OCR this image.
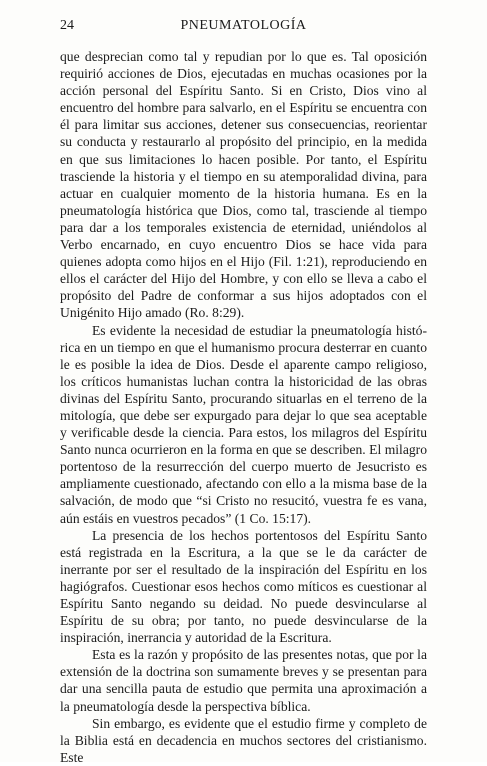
24	PNEUMATOLOGÍA

que desprecian como tal y repudian por lo que es. Tal oposición requirió acciones de Dios, ejecutadas en muchas ocasiones por la acción personal del Espíritu Santo. Si en Cristo, Dios vino al encuentro del hombre para salvarlo, en el Espíritu se encuentra con él para limitar sus acciones, detener sus consecuencias, reorientar su conducta y restaurarlo al propósito del principio, en la medida en que sus limitaciones lo hacen posible. Por tanto, el Espíritu trasciende la historia y el tiempo en su atemporalidad divina, para actuar en cualquier momento de la historia humana. Es en la pneumatología histórica que Dios, como tal, trasciende al tiempo para dar a los temporales existencia de eternidad, uniéndolos al Verbo encarnado, en cuyo encuentro Dios se hace vida para quienes adopta como hijos en el Hijo (Fil. 1:21), reproduciendo en ellos el carácter del Hijo del Hombre, y con ello se lleva a cabo el propósito del Padre de conformar a sus hijos adoptados con el Unigénito Hijo amado (Ro. 8:29).

Es evidente la necesidad de estudiar la pneumatología histórica en un tiempo en que el humanismo procura desterrar en cuanto le es posible la idea de Dios. Desde el aparente campo religioso, los críticos humanistas luchan contra la historicidad de las obras divinas del Espíritu Santo, procurando situarlas en el terreno de la mitología, que debe ser expurgado para dejar lo que sea aceptable y verificable desde la ciencia. Para estos, los milagros del Espíritu Santo nunca ocurrieron en la forma en que se describen. El milagro portentoso de la resurrección del cuerpo muerto de Jesucristo es ampliamente cuestionado, afectando con ello a la misma base de la salvación, de modo que “si Cristo no resucitó, vuestra fe es vana, aún estáis en vuestros pecados” (1 Co. 15:17).

La presencia de los hechos portentosos del Espíritu Santo está registrada en la Escritura, a la que se le da carácter de inerrante por ser el resultado de la inspiración del Espíritu en los hagiógrafos. Cuestionar esos hechos como míticos es cuestionar al Espíritu Santo negando su deidad. No puede desvincularse al Espíritu de su obra; por tanto, no puede desvincularse de la inspiración, inerrancia y autoridad de la Escritura.

Esta es la razón y propósito de las presentes notas, que por la extensión de la doctrina son sumamente breves y se presentan para dar una sencilla pauta de estudio que permita una aproximación a la pneumatología desde la perspectiva bíblica.

Sin embargo, es evidente que el estudio firme y completo de la Biblia está en decadencia en muchos sectores del cristianismo. Este
